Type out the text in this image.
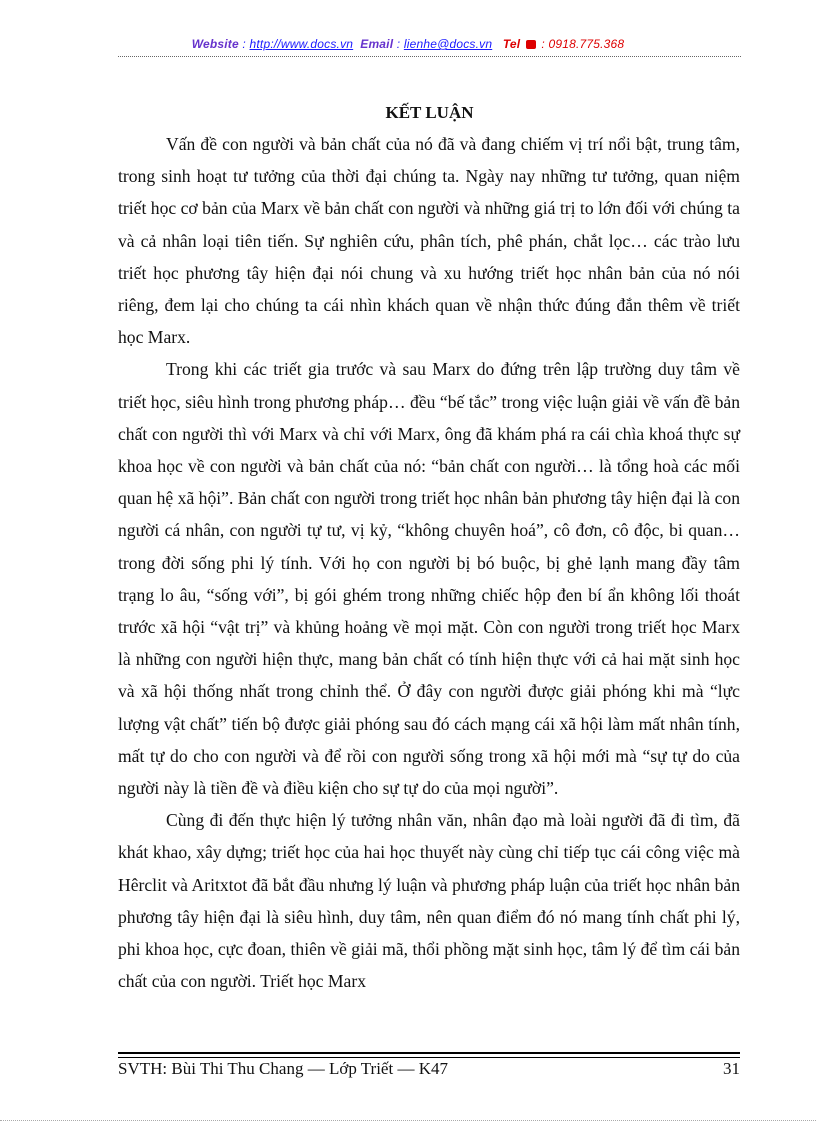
Website : http://www.docs.vn Email : lienhe@docs.vn Tel  : 0918.775.368
KẾT LUẬN

Vấn đề con người và bản chất của nó đã và đang chiếm vị trí nổi bật, trung tâm, trong sinh hoạt tư tưởng của thời đại chúng ta. Ngày nay những tư tưởng, quan niệm triết học cơ bản của Marx về bản chất con người và những giá trị to lớn đối với chúng ta và cả nhân loại tiên tiến. Sự nghiên cứu, phân tích, phê phán, chắt lọc… các trào lưu triết học phương tây hiện đại nói chung và xu hướng triết học nhân bản của nó nói riêng, đem lại cho chúng ta cái nhìn khách quan về nhận thức đúng đắn thêm về triết học Marx.

Trong khi các triết gia trước và sau Marx do đứng trên lập trường duy tâm về triết học, siêu hình trong phương pháp… đều “bế tắc” trong việc luận giải về vấn đề bản chất con người thì với Marx và chỉ với Marx, ông đã khám phá ra cái chìa khoá thực sự khoa học về con người và bản chất của nó: “bản chất con người… là tổng hoà các mối quan hệ xã hội”. Bản chất con người trong triết học nhân bản phương tây hiện đại là con người cá nhân, con người tự tư, vị kỷ, “không chuyên hoá”, cô đơn, cô độc, bi quan… trong đời sống phi lý tính. Với họ con người bị bó buộc, bị ghẻ lạnh mang đầy tâm trạng lo âu, “sống với”, bị gói ghém trong những chiếc hộp đen bí ẩn không lối thoát trước xã hội “vật trị” và khủng hoảng về mọi mặt. Còn con người trong triết học Marx là những con người hiện thực, mang bản chất có tính hiện thực với cả hai mặt sinh học và xã hội thống nhất trong chỉnh thể. Ở đây con người được giải phóng khi mà “lực lượng vật chất” tiến bộ được giải phóng sau đó cách mạng cái xã hội làm mất nhân tính, mất tự do cho con người và để rồi con người sống trong xã hội mới mà “sự tự do của người này là tiền đề và điều kiện cho sự tự do của mọi người”.

Cùng đi đến thực hiện lý tưởng nhân văn, nhân đạo mà loài người đã đi tìm, đã khát khao, xây dựng; triết học của hai học thuyết này cùng chỉ tiếp tục cái công việc mà Hêrclit và Aritxtot đã bắt đầu nhưng lý luận và phương pháp luận của triết học nhân bản phương tây hiện đại là siêu hình, duy tâm, nên quan điểm đó nó mang tính chất phi lý, phi khoa học, cực đoan, thiên về giải mã, thổi phồng mặt sinh học, tâm lý để tìm cái bản chất của con người. Triết học Marx

SVTH: Bùi Thi Thu Chang — Lớp Triết — K47	31
